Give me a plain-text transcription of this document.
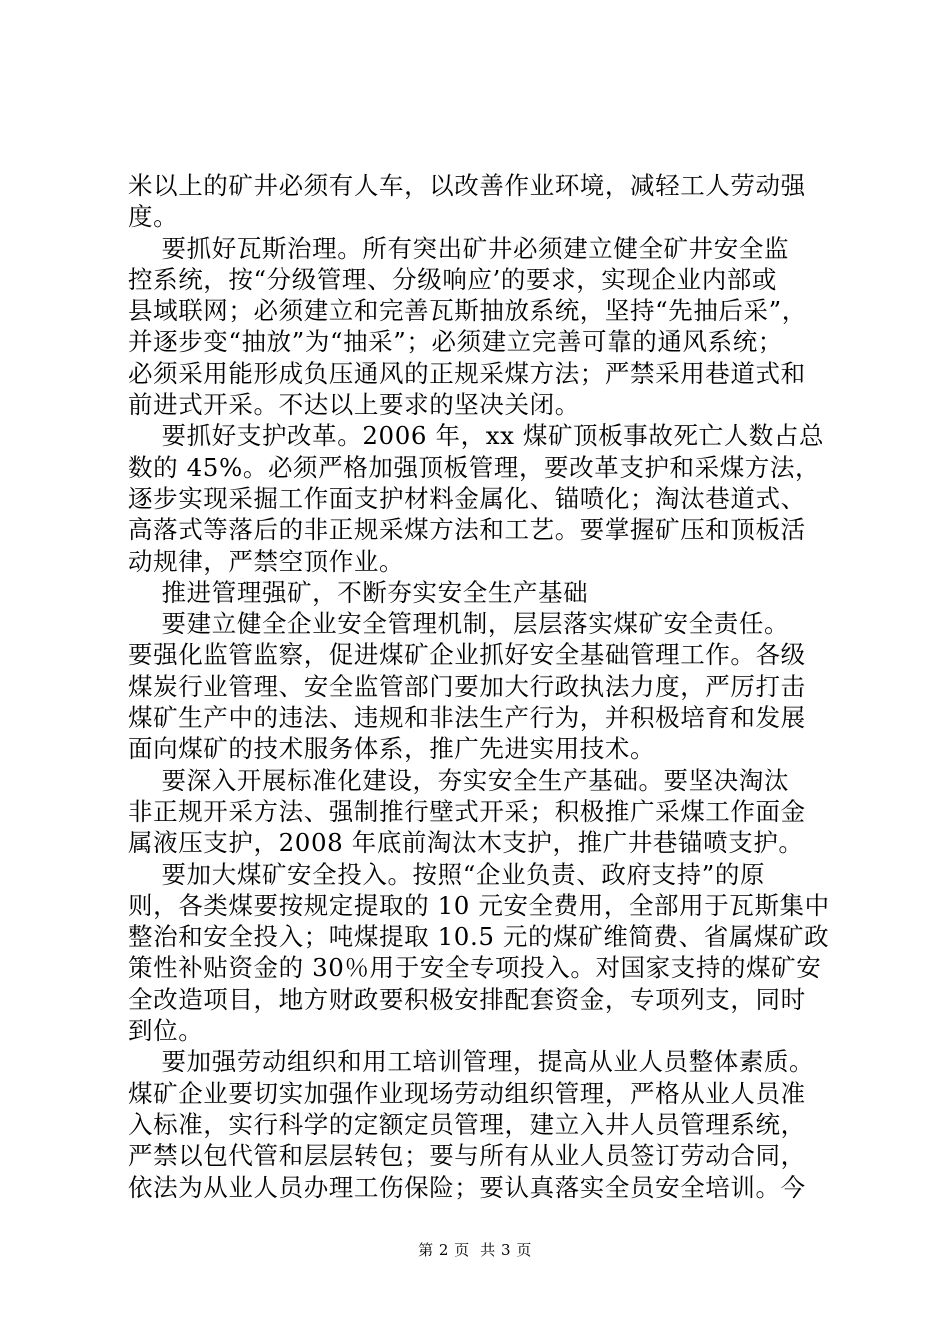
米以上的矿井必须有人车，以改善作业环境，减轻工人劳动强
度。
要抓好瓦斯治理。所有突出矿井必须建立健全矿井安全监
控系统，按“分级管理、分级响应’的要求，实现企业内部或
县域联网；必须建立和完善瓦斯抽放系统，坚持“先抽后采”，
并逐步变“抽放”为“抽采”；必须建立完善可靠的通风系统；
必须采用能形成负压通风的正规采煤方法；严禁采用巷道式和
前进式开采。不达以上要求的坚决关闭。
要抓好支护改革。2006 年，xx 煤矿顶板事故死亡人数占总
数的 45%。必须严格加强顶板管理，要改革支护和采煤方法，
逐步实现采掘工作面支护材料金属化、锚喷化；淘汰巷道式、
高落式等落后的非正规采煤方法和工艺。要掌握矿压和顶板活
动规律，严禁空顶作业。
推进管理强矿，不断夯实安全生产基础
要建立健全企业安全管理机制，层层落实煤矿安全责任。
要强化监管监察，促进煤矿企业抓好安全基础管理工作。各级
煤炭行业管理、安全监管部门要加大行政执法力度，严厉打击
煤矿生产中的违法、违规和非法生产行为，并积极培育和发展
面向煤矿的技术服务体系，推广先进实用技术。
要深入开展标准化建设，夯实安全生产基础。要坚决淘汰
非正规开采方法、强制推行壁式开采；积极推广采煤工作面金
属液压支护，2008 年底前淘汰木支护，推广井巷锚喷支护。
要加大煤矿安全投入。按照“企业负责、政府支持”的原
则，各类煤要按规定提取的 10 元安全费用，全部用于瓦斯集中
整治和安全投入；吨煤提取 10.5 元的煤矿维简费、省属煤矿政
策性补贴资金的 30％用于安全专项投入。对国家支持的煤矿安
全改造项目，地方财政要积极安排配套资金，专项列支，同时
到位。
要加强劳动组织和用工培训管理，提高从业人员整体素质。
煤矿企业要切实加强作业现场劳动组织管理，严格从业人员准
入标准，实行科学的定额定员管理，建立入井人员管理系统，
严禁以包代管和层层转包；要与所有从业人员签订劳动合同，
依法为从业人员办理工伤保险；要认真落实全员安全培训。今
第 2 页  共 3 页
